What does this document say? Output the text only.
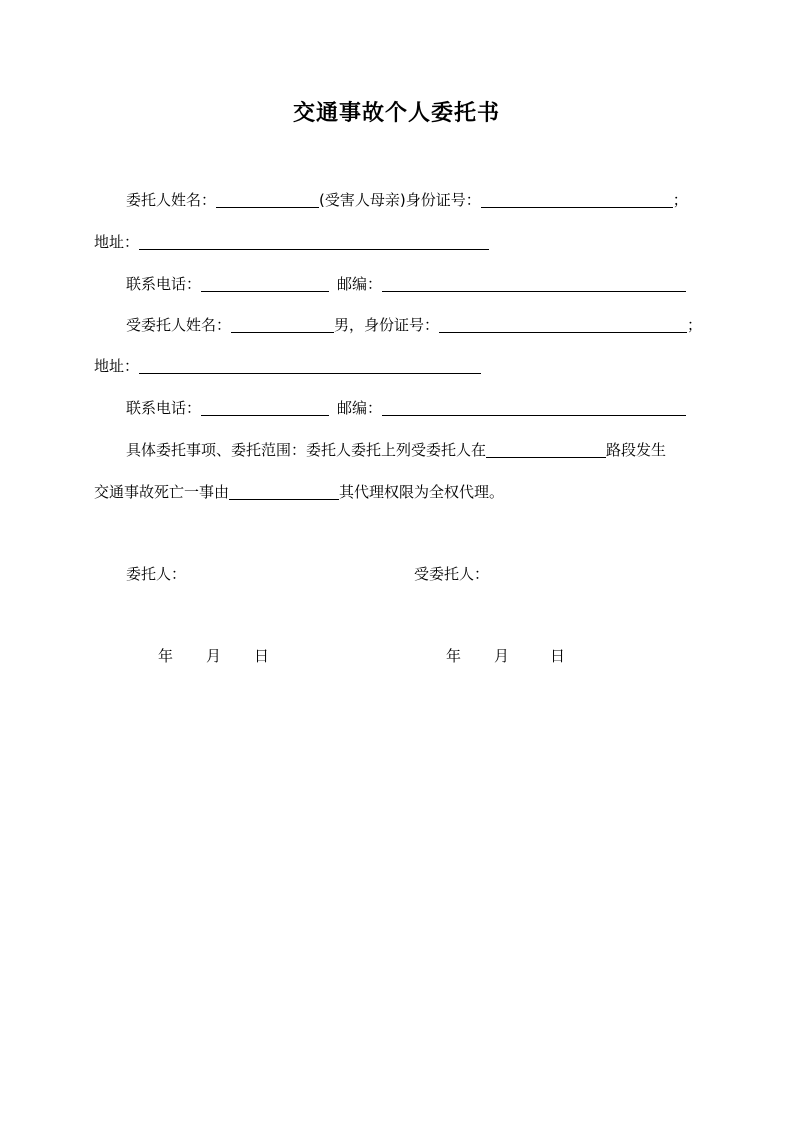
交通事故个人委托书
委托人姓名：	(受害人母亲) 身份证号：	；
地址：
联系电话：	邮编：
受委托人姓名：	男， 身份证号：	；
地址：
联系电话：	邮编：
具体委托事项、委托范围：委托人委托上列受委托人在	路段发生
交通事故死亡一事由	其代理权限为全权代理。
委托人：	受委托人：
年 月 日	年 月	日
